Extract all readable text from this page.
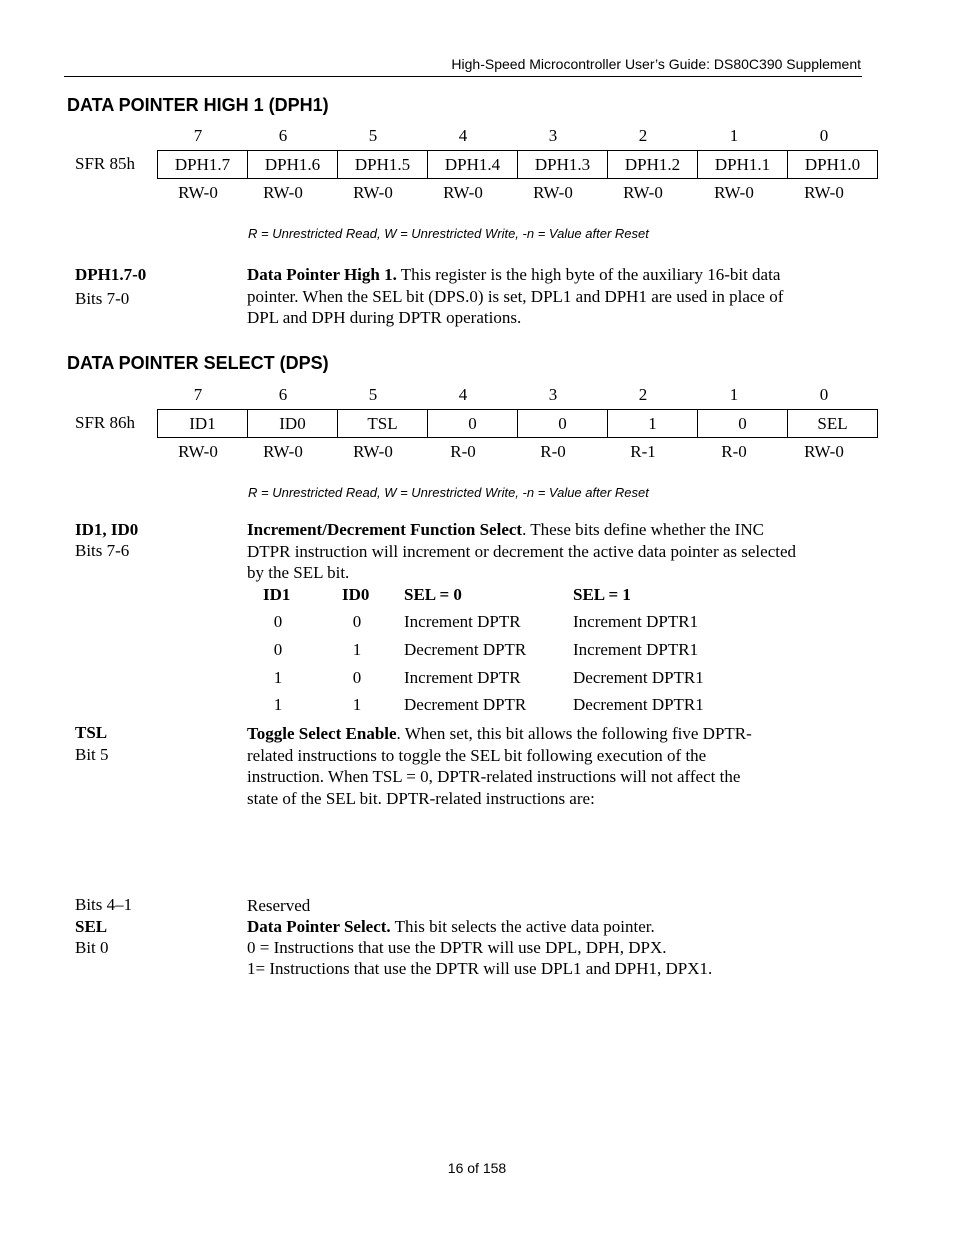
High-Speed Microcontroller User’s Guide: DS80C390 Supplement
DATA POINTER HIGH 1 (DPH1)
7	6	5	4	3	2	1	0
SFR 85h DPH1.7	DPH1.6	DPH1.5	DPH1.4	DPH1.3	DPH1.2	DPH1.1	DPH1.0
RW-0	RW-0	RW-0	RW-0	RW-0	RW-0	RW-0	RW-0
R = Unrestricted Read, W = Unrestricted Write, -n = Value after Reset
DPH1.7-0
Bits 7-0
Data Pointer High 1. This register is the high byte of the auxiliary 16-bit data
pointer. When the SEL bit (DPS.0) is set, DPL1 and DPH1 are used in place of
DPL and DPH during DPTR operations.
DATA POINTER SELECT (DPS)
7	6	5	4	3	2	1	0
SFR 86h	ID1	ID0	TSL	0	0	1	0	SEL
RW-0	RW-0	RW-0	R-0	R-0	R-1	R-0	RW-0
R = Unrestricted Read, W = Unrestricted Write, -n = Value after Reset
ID1, ID0
Bits 7-6
Increment/Decrement Function Select. These bits define whether the INC
DTPR instruction will increment or decrement the active data pointer as selected
by the SEL bit.
ID1	ID0 SEL = 0	SEL = 1
0	0	Increment DPTR	Increment DPTR1
0	1	Decrement DPTR	Increment DPTR1
1	0	Increment DPTR	Decrement DPTR1
1	1	Decrement DPTR	Decrement DPTR1
TSL
Bit 5
Toggle Select Enable. When set, this bit allows the following five DPTR-
related instructions to toggle the SEL bit following execution of the
instruction. When TSL = 0, DPTR-related instructions will not affect the
state of the SEL bit. DPTR-related instructions are:
Bits 4–1	Reserved
SEL
Bit 0
Data Pointer Select. This bit selects the active data pointer.
0 = Instructions that use the DPTR will use DPL, DPH, DPX.
1= Instructions that use the DPTR will use DPL1 and DPH1, DPX1.
16 of 158
